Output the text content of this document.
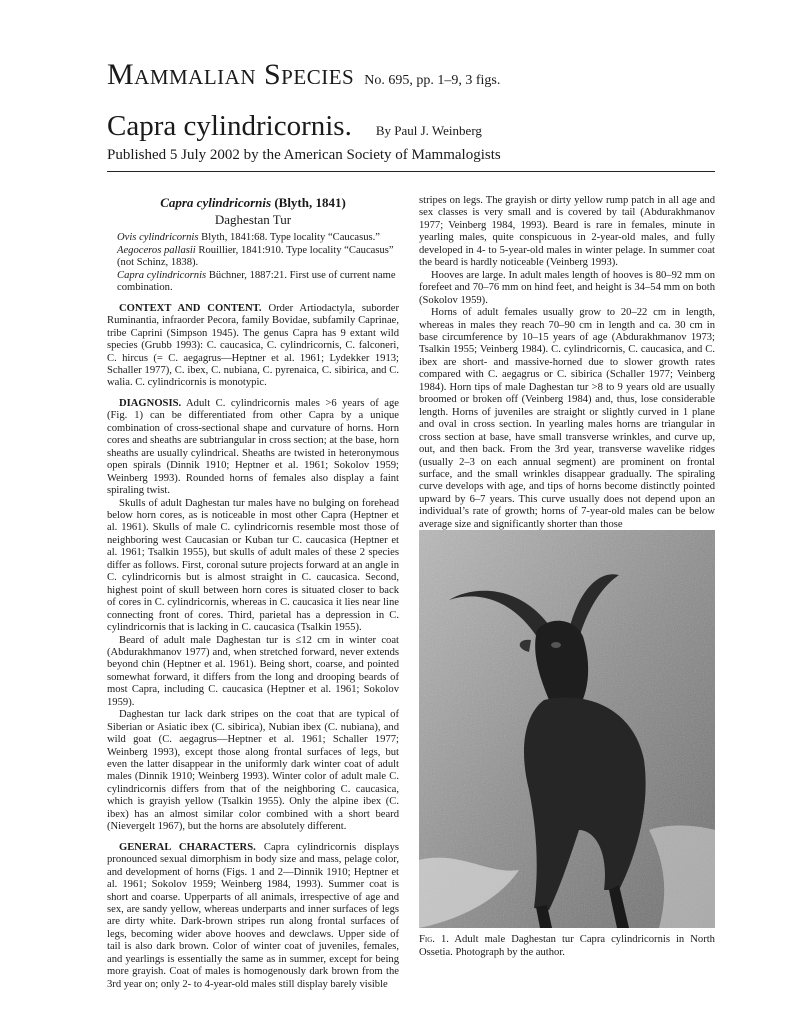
Mammalian Species No. 695, pp. 1–9, 3 figs.
Capra cylindricornis. By Paul J. Weinberg
Published 5 July 2002 by the American Society of Mammalogists
Capra cylindricornis (Blyth, 1841)
Daghestan Tur

Ovis cylindricornis Blyth, 1841:68. Type locality “Caucasus.”

Aegoceros pallasii Rouillier, 1841:910. Type locality “Caucasus” (not Schinz, 1838).

Capra cylindricornis Büchner, 1887:21. First use of current name combination.

CONTEXT AND CONTENT. Order Artiodactyla, suborder Ruminantia, infraorder Pecora, family Bovidae, subfamily Caprinae, tribe Caprini (Simpson 1945). The genus Capra has 9 extant wild species (Grubb 1993): C. caucasica, C. cylindricornis, C. falconeri, C. hircus (= C. aegagrus—Heptner et al. 1961; Lydekker 1913; Schaller 1977), C. ibex, C. nubiana, C. pyrenaica, C. sibirica, and C. walia. C. cylindricornis is monotypic.

DIAGNOSIS. Adult C. cylindricornis males >6 years of age (Fig. 1) can be differentiated from other Capra by a unique combination of cross-sectional shape and curvature of horns. Horn cores and sheaths are subtriangular in cross section; at the base, horn sheaths are usually cylindrical. Sheaths are twisted in heteronymous open spirals (Dinnik 1910; Heptner et al. 1961; Sokolov 1959; Weinberg 1993). Rounded horns of females also display a faint spiraling twist.

Skulls of adult Daghestan tur males have no bulging on forehead below horn cores, as is noticeable in most other Capra (Heptner et al. 1961). Skulls of male C. cylindricornis resemble most those of neighboring west Caucasian or Kuban tur C. caucasica (Heptner et al. 1961; Tsalkin 1955), but skulls of adult males of these 2 species differ as follows. First, coronal suture projects forward at an angle in C. cylindricornis but is almost straight in C. caucasica. Second, highest point of skull between horn cores is situated closer to back of cores in C. cylindricornis, whereas in C. caucasica it lies near line connecting front of cores. Third, parietal has a depression in C. cylindricornis that is lacking in C. caucasica (Tsalkin 1955).

Beard of adult male Daghestan tur is ≤12 cm in winter coat (Abdurakhmanov 1977) and, when stretched forward, never extends beyond chin (Heptner et al. 1961). Being short, coarse, and pointed somewhat forward, it differs from the long and drooping beards of most Capra, including C. caucasica (Heptner et al. 1961; Sokolov 1959).

Daghestan tur lack dark stripes on the coat that are typical of Siberian or Asiatic ibex (C. sibirica), Nubian ibex (C. nubiana), and wild goat (C. aegagrus—Heptner et al. 1961; Schaller 1977; Weinberg 1993), except those along frontal surfaces of legs, but even the latter disappear in the uniformly dark winter coat of adult males (Dinnik 1910; Weinberg 1993). Winter color of adult male C. cylindricornis differs from that of the neighboring C. caucasica, which is grayish yellow (Tsalkin 1955). Only the alpine ibex (C. ibex) has an almost similar color combined with a short beard (Nievergelt 1967), but the horns are absolutely different.

GENERAL CHARACTERS. Capra cylindricornis displays pronounced sexual dimorphism in body size and mass, pelage color, and development of horns (Figs. 1 and 2—Dinnik 1910; Heptner et al. 1961; Sokolov 1959; Weinberg 1984, 1993). Summer coat is short and coarse. Upperparts of all animals, irrespective of age and sex, are sandy yellow, whereas underparts and inner surfaces of legs are dirty white. Dark-brown stripes run along frontal surfaces of legs, becoming wider above hooves and dewclaws. Upper side of tail is also dark brown. Color of winter coat of juveniles, females, and yearlings is essentially the same as in summer, except for being more grayish. Coat of males is homogenously dark brown from the 3rd year on; only 2- to 4-year-old males still display barely visible

stripes on legs. The grayish or dirty yellow rump patch in all age and sex classes is very small and is covered by tail (Abdurakhmanov 1977; Veinberg 1984, 1993). Beard is rare in females, minute in yearling males, quite conspicuous in 2-year-old males, and fully developed in 4- to 5-year-old males in winter pelage. In summer coat the beard is hardly noticeable (Veinberg 1993).

Hooves are large. In adult males length of hooves is 80–92 mm on forefeet and 70–76 mm on hind feet, and height is 34–54 mm on both (Sokolov 1959).

Horns of adult females usually grow to 20–22 cm in length, whereas in males they reach 70–90 cm in length and ca. 30 cm in base circumference by 10–15 years of age (Abdurakhmanov 1973; Tsalkin 1955; Veinberg 1984). C. cylindricornis, C. caucasica, and C. ibex are short- and massive-horned due to slower growth rates compared with C. aegagrus or C. sibirica (Schaller 1977; Veinberg 1984). Horn tips of male Daghestan tur >8 to 9 years old are usually broomed or broken off (Veinberg 1984) and, thus, lose considerable length. Horns of juveniles are straight or slightly curved in 1 plane and oval in cross section. In yearling males horns are triangular in cross section at base, have small transverse wrinkles, and curve up, out, and then back. From the 3rd year, transverse wavelike ridges (usually 2–3 on each annual segment) are prominent on frontal surface, and the small wrinkles disappear gradually. The spiraling curve develops with age, and tips of horns become distinctly pointed upward by 6–7 years. This curve usually does not depend upon an individual’s rate of growth; horns of 7-year-old males can be below average size and significantly shorter than those

Fig. 1. Adult male Daghestan tur Capra cylindricornis in North Ossetia. Photograph by the author.
